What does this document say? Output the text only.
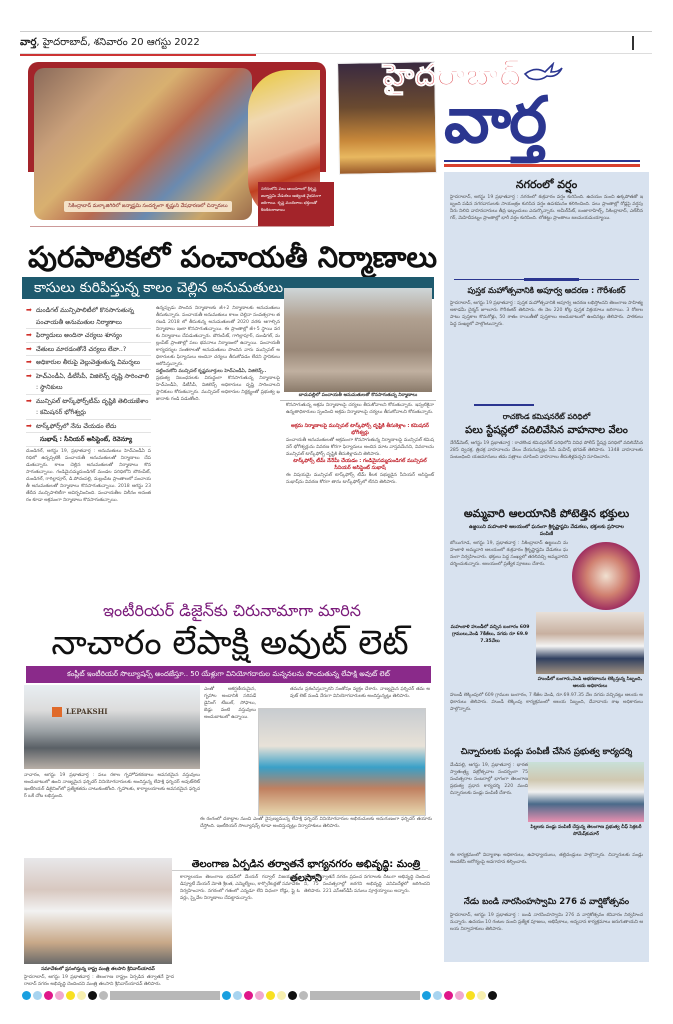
వార్త, హైదరాబాద్, శనివారం 20 ఆగస్టు 2022
సికింద్రాబాద్ మల్కాజిగిరిలో జన్మాష్టమి సందర్భంగా కృష్ణుని వేషధారణలో చిన్నారులు
నగరంలోని పలు ఆలయాలలో శ్రీకృష్ణ జన్మాష్టమి వేడుకలు అత్యంత వైభవంగా జరిగాయి. కృష్ణ మందిరాలు భక్తులతో కిటకిటలాడాయి
హైదరాబాద్
వార్త
పురపాలికలో పంచాయతీ నిర్మాణాలు
కాసులు కురిపిస్తున్న కాలం చెల్లిన అనుమతులు
బాచుపల్లిలో పంచాయతీ అనుమతులతో కొనసాగుతున్న నిర్మాణాలు
➡ దుండిగల్ మున్సిపాలిటీలో కొనసాగుతున్న పంచాయతీ అనుమతుల నిర్మాణాలు
➡ ఫిర్యాదులు అందినా చర్యలు శూన్యం
➡ చేతులు మారడంతోనే చర్యలు లేవా..?
➡ అధికారుల తీరుపై వెల్లువెత్తుతున్న విమర్శలు
➡ హెచ్‌ఎండీఏ, డీటీసీపీ, విజిలెన్స్ దృష్టి సారించాలి : స్థానికులు
➡ మున్సిపల్ టాస్క్‌ఫోర్స్‌టీమ్ దృష్టికి తెలియజేశాం : కమిషనర్ భోగీశ్వర్లు
➡ టాస్క్‌ఫోర్స్‌లో నేను చేయడం లేదు
సుభాష్ : సీనియర్ అసిస్టెంట్, రెవెన్యూ
దుండిగల్, ఆగస్టు 19, ప్రభాతవార్త : అనుమతులు హెచ్‌ఎండీఏ పరిధిలో ఉన్నప్పటికీ పంచాయతీ అనుమతులతో నిర్మాణాలు చేపడుతున్నారు. కాలం చెల్లిన అనుమతులతో నిర్మాణాలు కొనసాగుతున్నాయి. గండిమైసమ్మ‌దుండిగల్ మండల పరిధిలోని బౌరంపేట్, దుండిగల్, గాగిల్లాపూర్, డి.పోచంపల్లి, మల్లంపేట ప్రాంతాలలో పంచాయతీ అనుమతులతో నిర్మాణాలు కొనసాగుతున్నాయి. 2018 ఆగస్టు 23 తేదీన మున్సిపాలిటీగా ఆవిర్భవించింది. పంచాయతీల విలీనం అనంతరం కూడా అక్రమంగా నిర్మాణాలు కొనసాగుతున్నాయి.
ఉన్నప్పుడు పొందిన నిర్మాణాలకు జీ+2 నిర్మాణాలకు అనుమతులు తీసుకున్నారు. పంచాయతీ అనుమతులు కాలం చెల్లినా సంవత్సరాల తరబడి 2018 లో తీసుకున్న అనుమతులతో 2020 వరకు ఆగాల్సిన నిర్మాణాలు ఇంకా కొనసాగుతున్నాయి. ఈ ప్రాంతాల్లో జీ+5 స్థాయి వరకు నిర్మాణాలు చేపడుతున్నారు. బౌరంపేట్, గాగిల్లాపూర్, దుండిగల్, మల్లంపేట్ ప్రాంతాల్లో పలు భవనాలు నిర్మాణంలో ఉన్నాయి. పంచాయతీ కార్యదర్శుల సంతకాలతో అనుమతులు పొందిన వారు మున్సిపల్ అధికారులకు ఫిర్యాదులు అందినా చర్యలు తీసుకోవడం లేదని స్థానికులు ఆరోపిస్తున్నారు.
పట్టించుకోని మున్సిపల్ కృష్ణమూర్తులు హెచ్‌ఎండీఏ, విజిలెన్స్..
ప్రభుత్వ నిబంధనలకు విరుద్ధంగా కొనసాగుతున్న నిర్మాణాలపై హెచ్‌ఎండీఏ, డీటీసీపీ, విజిలెన్స్ అధికారులు దృష్టి సారించాలని స్థానికులు కోరుతున్నారు. మున్సిపల్ అధికారుల నిర్లక్ష్యంతో ప్రభుత్వ ఖజానాకు గండి పడుతోంది.
కొనసాగుతున్న అక్రమ నిర్మాణాలపై చర్యలు తీసుకోవాలని కోరుతున్నారు. ఇప్పటికైనా ఉన్నతాధికారులు స్పందించి అక్రమ నిర్మాణాలపై చర్యలు తీసుకోవాలని కోరుతున్నారు.

అక్రమ నిర్మాణాలపై మున్సిపల్ టాస్క్‌ఫోర్స్ దృష్టికి తీసుకెళ్లాం : కమిషనర్ భోగీశ్వర్లు
పంచాయతీ అనుమతులతో అక్రమంగా కొనసాగుతున్న నిర్మాణాలపై మున్సిపల్ కమిషనర్ భోగీశ్వర్లును వివరణ కోరగా ఫిర్యాదులు అందిన మాట వాస్తవమేనని, వివరాలను మున్సిపల్ టాస్క్‌ఫోర్స్ దృష్టికి తీసుకెళ్లామని తెలిపారు.
టాస్క్‌ఫోర్స్ టీమ్ నేనేమీ చేయడం : గండిమైసమ్మ‌దుండిగల్ మున్సిపల్ సీనియర్ అసిస్టెంట్ సుభాష్
ఈ విషయమై మున్సిపల్ టాస్క్‌ఫోర్స్ టీమ్ కీలక సభ్యుడైన సీనియర్ అసిస్టెంట్ సుభాష్‌ను వివరణ కోరగా తాను టాస్క్‌ఫోర్స్‌లో లేనని తెలిపారు.
ఇంటీరియర్ డిజైన్‌కు చిరునామాగా మారిన
నాచారం లేపాక్షి అవుట్ లెట్
కంప్లీట్ ఇంటీరియర్ సొల్యూషన్స్ అందజేస్తూ.. 50 యేళ్లుగా వినియోగదారుల మన్ననలను పొందుతున్న లేపాక్షి అవుట్ లెట్
LEPAKSHI
నాచారం, ఆగస్టు 19 ప్రభాతవార్త : పలు రకాల గృహోపకరణాలు అవసరమైన వస్తువులు అందుబాటులో ఉంచి నాణ్యమైన ఫర్నిచర్ వినియోగదారులకు అందిస్తున్న లేపాక్షి ఫర్నిచర్ అవుట్‌లెట్ ఇంటీరియర్ డిజైనింగ్‌లో ప్రత్యేకతను చాటుకుంటోంది. గృహాలకు, కార్యాలయాలకు అవసరమైన ఫర్నిచర్ ఒకే చోట లభిస్తుంది.
ఎంతో ఆకర్షణీయమైన, గృహాల అందానికి సరిపడే డైనింగ్ టేబుల్, సోఫాలు, బెడ్లు వంటి వస్తువులు అందుబాటులో ఉన్నాయి.
తమను ప్రశంసిస్తున్నారని సంతోషం వ్యక్తం చేశారు. నాణ్యమైన ఫర్నిచర్ తమ అవుట్ లెట్ నుండి నేరుగా వినియోగదారులకు అందిస్తున్నట్లు తెలిపారు.
ఈ రంగంలో దశాబ్దాల నుంచి ఎంతో నైపుణ్యమున్న లేపాక్షి ఫర్నిచర్ వినియోగదారుల అభిరుచులకు అనుగుణంగా ఫర్నిచర్ తయారు చేస్తోంది. ఇంటీరియర్ సొల్యూషన్స్ కూడా అందిస్తున్నట్లు నిర్వాహకులు తెలిపారు.
సమావేశంలో ప్రసంగిస్తున్న రాష్ట్ర మంత్రి తలసాని శ్రీనివాస్‌యాదవ్
తెలంగాణ ఏర్పడిన తర్వాతనే భాగ్యనగరం అభివృద్ధి: మంత్రి తలసాని
కార్యాలయం తెలంగాణ భవన్‌లో మేయర్ గద్వాల్ విజయలక్ష్మి, డిప్యూటీ మేయర్ మోతె శ్రీలత, ఎమ్మెల్యేలు, కార్పొరేటర్లతో సమావేశం నిర్వహించారు. నగరంలో గతంలో ఎన్నడూ లేని విధంగా రోడ్లు, ఫ్లై ఓవర్లు, స్కైవేల నిర్మాణాలు చేపట్టామన్నారు.
వచ్చిన తర్వాతనే నగరం ప్రపంచ నగరాలకు దీటుగా అభివృద్ధి చెందిందని, 75 సంవత్సరాల్లో జరగని అభివృద్ధి ఎనిమిదేళ్లలో జరిగిందని తెలిపారు. 221 ఎస్‌ఆర్‌డీపీ పనులు పూర్తయ్యాయి అన్నారు.
హైదరాబాద్, ఆగస్టు 19 ప్రభాతవార్త : తెలంగాణ రాష్ట్రం ఏర్పడిన తర్వాతనే హైదరాబాద్ నగరం అభివృద్ధి చెందిందని మంత్రి తలసాని శ్రీనివాస్‌యాదవ్ తెలిపారు.
నగరంలో వర్షం
హైదరాబాద్, ఆగస్టు 19 ప్రభాతవార్త : నగరంలో శుక్రవారం వర్షం కురిసింది. ఉదయం నుంచి ఉక్కపోతతో ఇబ్బంది పడిన నగరవాసులకు సాయంత్రం కురిసిన వర్షం ఉపశమనం కలిగించింది. పలు ప్రాంతాల్లో రోడ్లపై వర్షపు నీరు నిలిచి వాహనదారులు తీవ్ర ఇబ్బందులు ఎదుర్కొన్నారు. అమీర్‌పేట్, బంజారాహిల్స్, సికింద్రాబాద్, ఎల్‌బీనగర్, మెహిదీపట్నం ప్రాంతాల్లో భారీ వర్షం కురిసింది. లోతట్టు ప్రాంతాలు జలమయమయ్యాయి.
పుస్తక మహోత్సవానికి అపూర్వ ఆదరణ : గౌరీశంకర్
హైదరాబాద్, ఆగస్టు 19 ప్రభాతవార్త : పుస్తక మహోత్సవానికి అపూర్వ ఆదరణ లభిస్తోందని తెలంగాణ సాహిత్య అకాడమీ చైర్మన్ జూలూరు గౌరీశంకర్ తెలిపారు. ఈ నెల 220 కోట్ల పుస్తక విక్రయాలు జరిగాయి. 3 రోజుల పాటు పుస్తకాల కొనుగోళ్లు, 50 శాతం రాయితీతో పుస్తకాలు అందుబాటులో ఉంచినట్లు తెలిపారు. పాఠకులు పెద్ద సంఖ్యలో పాల్గొంటున్నారు.
రాచకొండ కమిషనరేట్ పరిధిలో
పలు స్టేషన్లలో వదిలివేసిన వాహనాల వేలం
నేరేడ్‌మెట్, ఆగస్టు 19 ప్రభాతవార్త : రాచకొండ కమిషనరేట్ పరిధిలోని వివిధ పోలీస్ స్టేషన్ల పరిధిలో వదిలివేసిన 285 ద్విచక్ర, త్రిచక్ర వాహనాలను వేలం వేయనున్నట్లు సీపీ మహేష్ భగవత్ తెలిపారు. 1348 వాహనాలకు సంబంధించి యజమానులు తమ పత్రాలు చూపించి వాహనాలు తీసుకెళ్లవచ్చని సూచించారు.
అమ్మవారి ఆలయానికి పోటెత్తిన భక్తులు
ఉజ్జయిని మహంకాళి ఆలయంలో ఘనంగా శ్రీకృష్ణాష్టమి వేడుకలు, భక్తులకు ప్రసాదాల పంపిణీ
బోయిగూడ, ఆగస్టు 19, ప్రభాతవార్త : సికింద్రాబాద్ ఉజ్జయిని మహంకాళి అమ్మవారి ఆలయంలో శుక్రవారం శ్రీకృష్ణాష్టమి వేడుకలు ఘనంగా నిర్వహించారు. భక్తులు పెద్ద సంఖ్యలో తరలివచ్చి అమ్మవారిని దర్శించుకున్నారు. ఆలయంలో ప్రత్యేక పూజలు చేశారు.
మహంకాళి హుండీలో వచ్చిన బంగారం 609 గ్రాములు,వెండి 7కేజీలు, నగదు రూ 69.97.35వేలు
హుండీలో బంగారు,వెండి ఆభరణాలను లెక్కిస్తున్న సిబ్బంది, ఆలయ అధికారులు
హుండీ లెక్కింపులో 609 గ్రాముల బంగారం, 7 కేజీల వెండి, రూ.69.97.35 వేల నగదు వచ్చినట్లు ఆలయ అధికారులు తెలిపారు. హుండీ లెక్కింపు కార్యక్రమంలో ఆలయ సిబ్బంది, దేవాదాయ శాఖ అధికారులు పాల్గొన్నారు.
చిన్నారులకు పండ్లు పంపిణీ చేసిన ప్రభుత్వ కార్యదర్శి
మేడిపల్లి, ఆగస్టు 19, ప్రభాతవార్త : భారత స్వాతంత్ర్య వజ్రోత్సవాల సందర్భంగా 75 సంవత్సరాల సంబరాల్లో భాగంగా తెలంగాణ ప్రభుత్వ ప్రధాన కార్యదర్శి 220 మంది చిన్నారులకు పండ్లు పంపిణీ చేశారు.
పిల్లలకు పండ్లు పంపిణీ చేస్తున్న తెలంగాణ ప్రభుత్వ చీఫ్ సెక్రటరీ సోమేష్‌కుమార్
ఈ కార్యక్రమంలో విద్యాశాఖ అధికారులు, ఉపాధ్యాయులు, తల్లిదండ్రులు పాల్గొన్నారు. చిన్నారులకు పండ్లు అందజేసి ఆరోగ్యంపై అవగాహన కల్పించారు.
నేడు బండి నారసింహస్వామి 276 వ వార్షికోత్సవం
హైదరాబాద్, ఆగస్టు 19 ప్రభాతవార్త : బండి నారసింహస్వామి 276 వ వార్షికోత్సవం శనివారం నిర్వహించనున్నారు. ఉదయం 10 గంటల నుంచి ప్రత్యేక పూజలు, అభిషేకాలు, అన్నదాన కార్యక్రమాలు జరుగుతాయని ఆలయ నిర్వాహకులు తెలిపారు.
